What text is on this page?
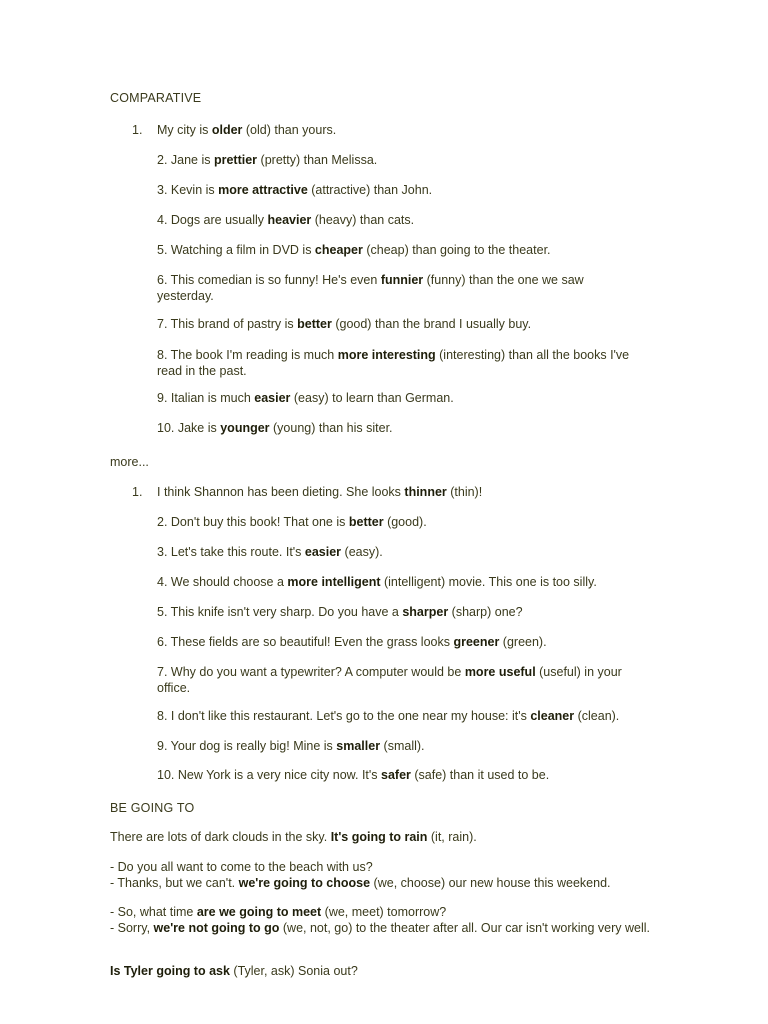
COMPARATIVE
1. My city is older (old) than yours.
2. Jane is prettier (pretty) than Melissa.
3. Kevin is more attractive (attractive) than John.
4. Dogs are usually heavier (heavy) than cats.
5. Watching a film in DVD is cheaper (cheap) than going to the theater.
6. This comedian is so funny! He's even funnier (funny) than the one we saw yesterday.
7. This brand of pastry is better (good) than the brand I usually buy.
8. The book I'm reading is much more interesting (interesting) than all the books I've read in the past.
9. Italian is much easier (easy) to learn than German.
10. Jake is younger (young) than his siter.
more...
1. I think Shannon has been dieting. She looks thinner (thin)!
2. Don't buy this book! That one is better (good).
3. Let's take this route. It's easier (easy).
4. We should choose a more intelligent (intelligent) movie. This one is too silly.
5. This knife isn't very sharp. Do you have a sharper (sharp) one?
6. These fields are so beautiful! Even the grass looks greener (green).
7. Why do you want a typewriter? A computer would be more useful (useful) in your office.
8. I don't like this restaurant. Let's go to the one near my house: it's cleaner (clean).
9. Your dog is really big! Mine is smaller (small).
10. New York is a very nice city now. It's safer (safe) than it used to be.
BE GOING TO
There are lots of dark clouds in the sky. It's going to rain (it, rain).
- Do you all want to come to the beach with us?
- Thanks, but we can't. we're going to choose (we, choose) our new house this weekend.
- So, what time are we going to meet (we, meet) tomorrow?
- Sorry, we're not going to go (we, not, go) to the theater after all. Our car isn't working very well.
Is Tyler going to ask (Tyler, ask) Sonia out?
